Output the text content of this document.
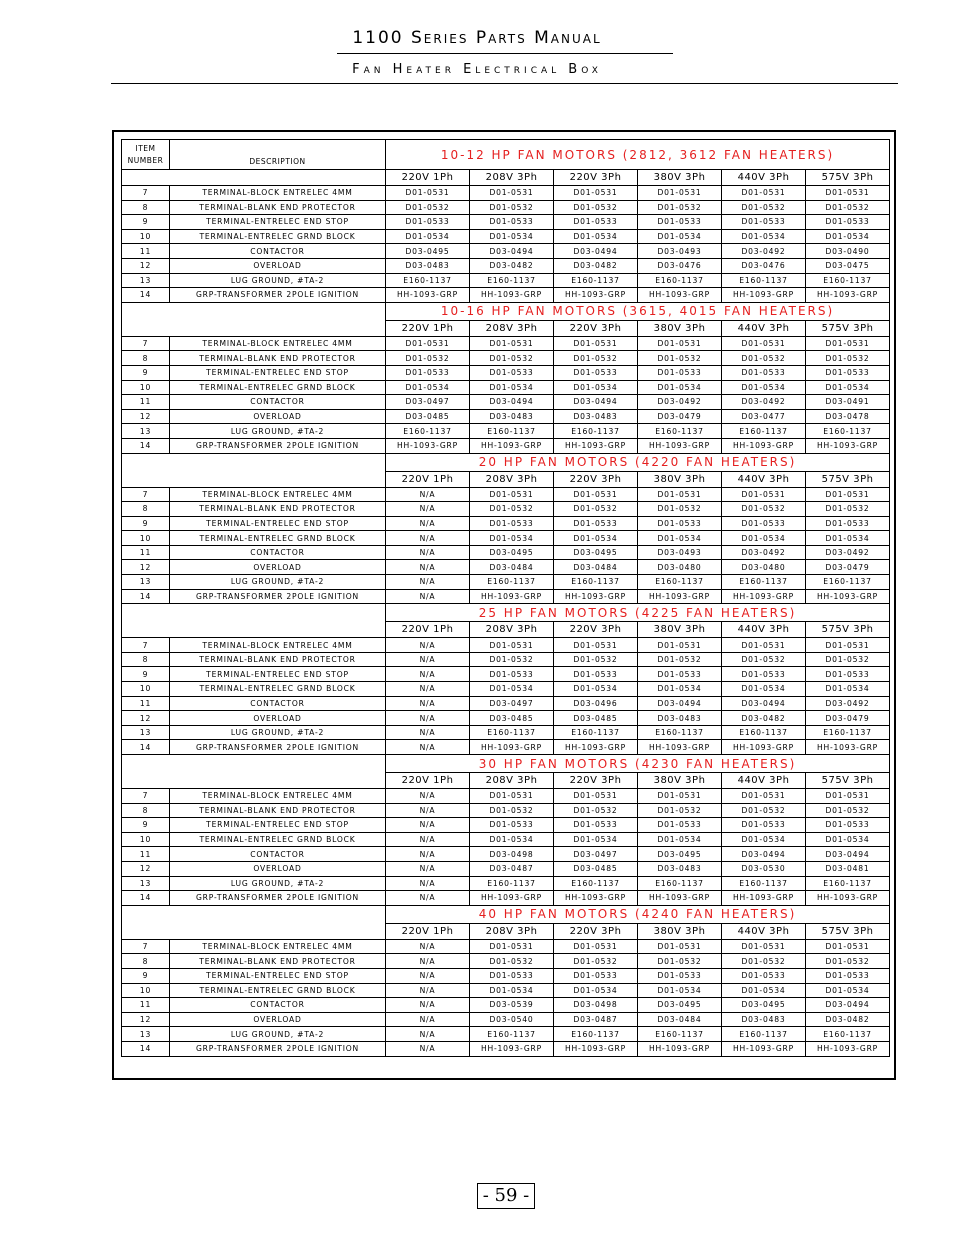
1100 Series Parts Manual
Fan Heater Electrical Box
ITEM
NUMBER	DESCRIPTION	10-12 HP FAN MOTORS (2812, 3612 FAN HEATERS)					
		220V 1Ph	208V 3Ph	220V 3Ph	380V 3Ph	440V 3Ph	575V 3Ph
7	TERMINAL-BLOCK ENTRELEC 4MM	D01-0531	D01-0531	D01-0531	D01-0531	D01-0531	D01-0531
8	TERMINAL-BLANK END PROTECTOR	D01-0532	D01-0532	D01-0532	D01-0532	D01-0532	D01-0532
9	TERMINAL-ENTRELEC END STOP	D01-0533	D01-0533	D01-0533	D01-0533	D01-0533	D01-0533
10	TERMINAL-ENTRELEC GRND BLOCK	D01-0534	D01-0534	D01-0534	D01-0534	D01-0534	D01-0534
11	CONTACTOR	D03-0495	D03-0494	D03-0494	D03-0493	D03-0492	D03-0490
12	OVERLOAD	D03-0483	D03-0482	D03-0482	D03-0476	D03-0476	D03-0475
13	LUG GROUND, #TA-2	E160-1137	E160-1137	E160-1137	E160-1137	E160-1137	E160-1137
14	GRP-TRANSFORMER 2POLE IGNITION	HH-1093-GRP	HH-1093-GRP	HH-1093-GRP	HH-1093-GRP	HH-1093-GRP	HH-1093-GRP
		10-16 HP FAN MOTORS (3615, 4015 FAN HEATERS)					
		220V 1Ph	208V 3Ph	220V 3Ph	380V 3Ph	440V 3Ph	575V 3Ph
7	TERMINAL-BLOCK ENTRELEC 4MM	D01-0531	D01-0531	D01-0531	D01-0531	D01-0531	D01-0531
8	TERMINAL-BLANK END PROTECTOR	D01-0532	D01-0532	D01-0532	D01-0532	D01-0532	D01-0532
9	TERMINAL-ENTRELEC END STOP	D01-0533	D01-0533	D01-0533	D01-0533	D01-0533	D01-0533
10	TERMINAL-ENTRELEC GRND BLOCK	D01-0534	D01-0534	D01-0534	D01-0534	D01-0534	D01-0534
11	CONTACTOR	D03-0497	D03-0494	D03-0494	D03-0492	D03-0492	D03-0491
12	OVERLOAD	D03-0485	D03-0483	D03-0483	D03-0479	D03-0477	D03-0478
13	LUG GROUND, #TA-2	E160-1137	E160-1137	E160-1137	E160-1137	E160-1137	E160-1137
14	GRP-TRANSFORMER 2POLE IGNITION	HH-1093-GRP	HH-1093-GRP	HH-1093-GRP	HH-1093-GRP	HH-1093-GRP	HH-1093-GRP
		20 HP FAN MOTORS (4220 FAN HEATERS)					
		220V 1Ph	208V 3Ph	220V 3Ph	380V 3Ph	440V 3Ph	575V 3Ph
7	TERMINAL-BLOCK ENTRELEC 4MM	N/A	D01-0531	D01-0531	D01-0531	D01-0531	D01-0531
8	TERMINAL-BLANK END PROTECTOR	N/A	D01-0532	D01-0532	D01-0532	D01-0532	D01-0532
9	TERMINAL-ENTRELEC END STOP	N/A	D01-0533	D01-0533	D01-0533	D01-0533	D01-0533
10	TERMINAL-ENTRELEC GRND BLOCK	N/A	D01-0534	D01-0534	D01-0534	D01-0534	D01-0534
11	CONTACTOR	N/A	D03-0495	D03-0495	D03-0493	D03-0492	D03-0492
12	OVERLOAD	N/A	D03-0484	D03-0484	D03-0480	D03-0480	D03-0479
13	LUG GROUND, #TA-2	N/A	E160-1137	E160-1137	E160-1137	E160-1137	E160-1137
14	GRP-TRANSFORMER 2POLE IGNITION	N/A	HH-1093-GRP	HH-1093-GRP	HH-1093-GRP	HH-1093-GRP	HH-1093-GRP
		25 HP FAN MOTORS (4225 FAN HEATERS)					
		220V 1Ph	208V 3Ph	220V 3Ph	380V 3Ph	440V 3Ph	575V 3Ph
7	TERMINAL-BLOCK ENTRELEC 4MM	N/A	D01-0531	D01-0531	D01-0531	D01-0531	D01-0531
8	TERMINAL-BLANK END PROTECTOR	N/A	D01-0532	D01-0532	D01-0532	D01-0532	D01-0532
9	TERMINAL-ENTRELEC END STOP	N/A	D01-0533	D01-0533	D01-0533	D01-0533	D01-0533
10	TERMINAL-ENTRELEC GRND BLOCK	N/A	D01-0534	D01-0534	D01-0534	D01-0534	D01-0534
11	CONTACTOR	N/A	D03-0497	D03-0496	D03-0494	D03-0494	D03-0492
12	OVERLOAD	N/A	D03-0485	D03-0485	D03-0483	D03-0482	D03-0479
13	LUG GROUND, #TA-2	N/A	E160-1137	E160-1137	E160-1137	E160-1137	E160-1137
14	GRP-TRANSFORMER 2POLE IGNITION	N/A	HH-1093-GRP	HH-1093-GRP	HH-1093-GRP	HH-1093-GRP	HH-1093-GRP
		30 HP FAN MOTORS (4230 FAN HEATERS)					
		220V 1Ph	208V 3Ph	220V 3Ph	380V 3Ph	440V 3Ph	575V 3Ph
7	TERMINAL-BLOCK ENTRELEC 4MM	N/A	D01-0531	D01-0531	D01-0531	D01-0531	D01-0531
8	TERMINAL-BLANK END PROTECTOR	N/A	D01-0532	D01-0532	D01-0532	D01-0532	D01-0532
9	TERMINAL-ENTRELEC END STOP	N/A	D01-0533	D01-0533	D01-0533	D01-0533	D01-0533
10	TERMINAL-ENTRELEC GRND BLOCK	N/A	D01-0534	D01-0534	D01-0534	D01-0534	D01-0534
11	CONTACTOR	N/A	D03-0498	D03-0497	D03-0495	D03-0494	D03-0494
12	OVERLOAD	N/A	D03-0487	D03-0485	D03-0483	D03-0530	D03-0481
13	LUG GROUND, #TA-2	N/A	E160-1137	E160-1137	E160-1137	E160-1137	E160-1137
14	GRP-TRANSFORMER 2POLE IGNITION	N/A	HH-1093-GRP	HH-1093-GRP	HH-1093-GRP	HH-1093-GRP	HH-1093-GRP
		40 HP FAN MOTORS (4240 FAN HEATERS)					
		220V 1Ph	208V 3Ph	220V 3Ph	380V 3Ph	440V 3Ph	575V 3Ph
7	TERMINAL-BLOCK ENTRELEC 4MM	N/A	D01-0531	D01-0531	D01-0531	D01-0531	D01-0531
8	TERMINAL-BLANK END PROTECTOR	N/A	D01-0532	D01-0532	D01-0532	D01-0532	D01-0532
9	TERMINAL-ENTRELEC END STOP	N/A	D01-0533	D01-0533	D01-0533	D01-0533	D01-0533
10	TERMINAL-ENTRELEC GRND BLOCK	N/A	D01-0534	D01-0534	D01-0534	D01-0534	D01-0534
11	CONTACTOR	N/A	D03-0539	D03-0498	D03-0495	D03-0495	D03-0494
12	OVERLOAD	N/A	D03-0540	D03-0487	D03-0484	D03-0483	D03-0482
13	LUG GROUND, #TA-2	N/A	E160-1137	E160-1137	E160-1137	E160-1137	E160-1137
14	GRP-TRANSFORMER 2POLE IGNITION	N/A	HH-1093-GRP	HH-1093-GRP	HH-1093-GRP	HH-1093-GRP	HH-1093-GRP
- 59 -
